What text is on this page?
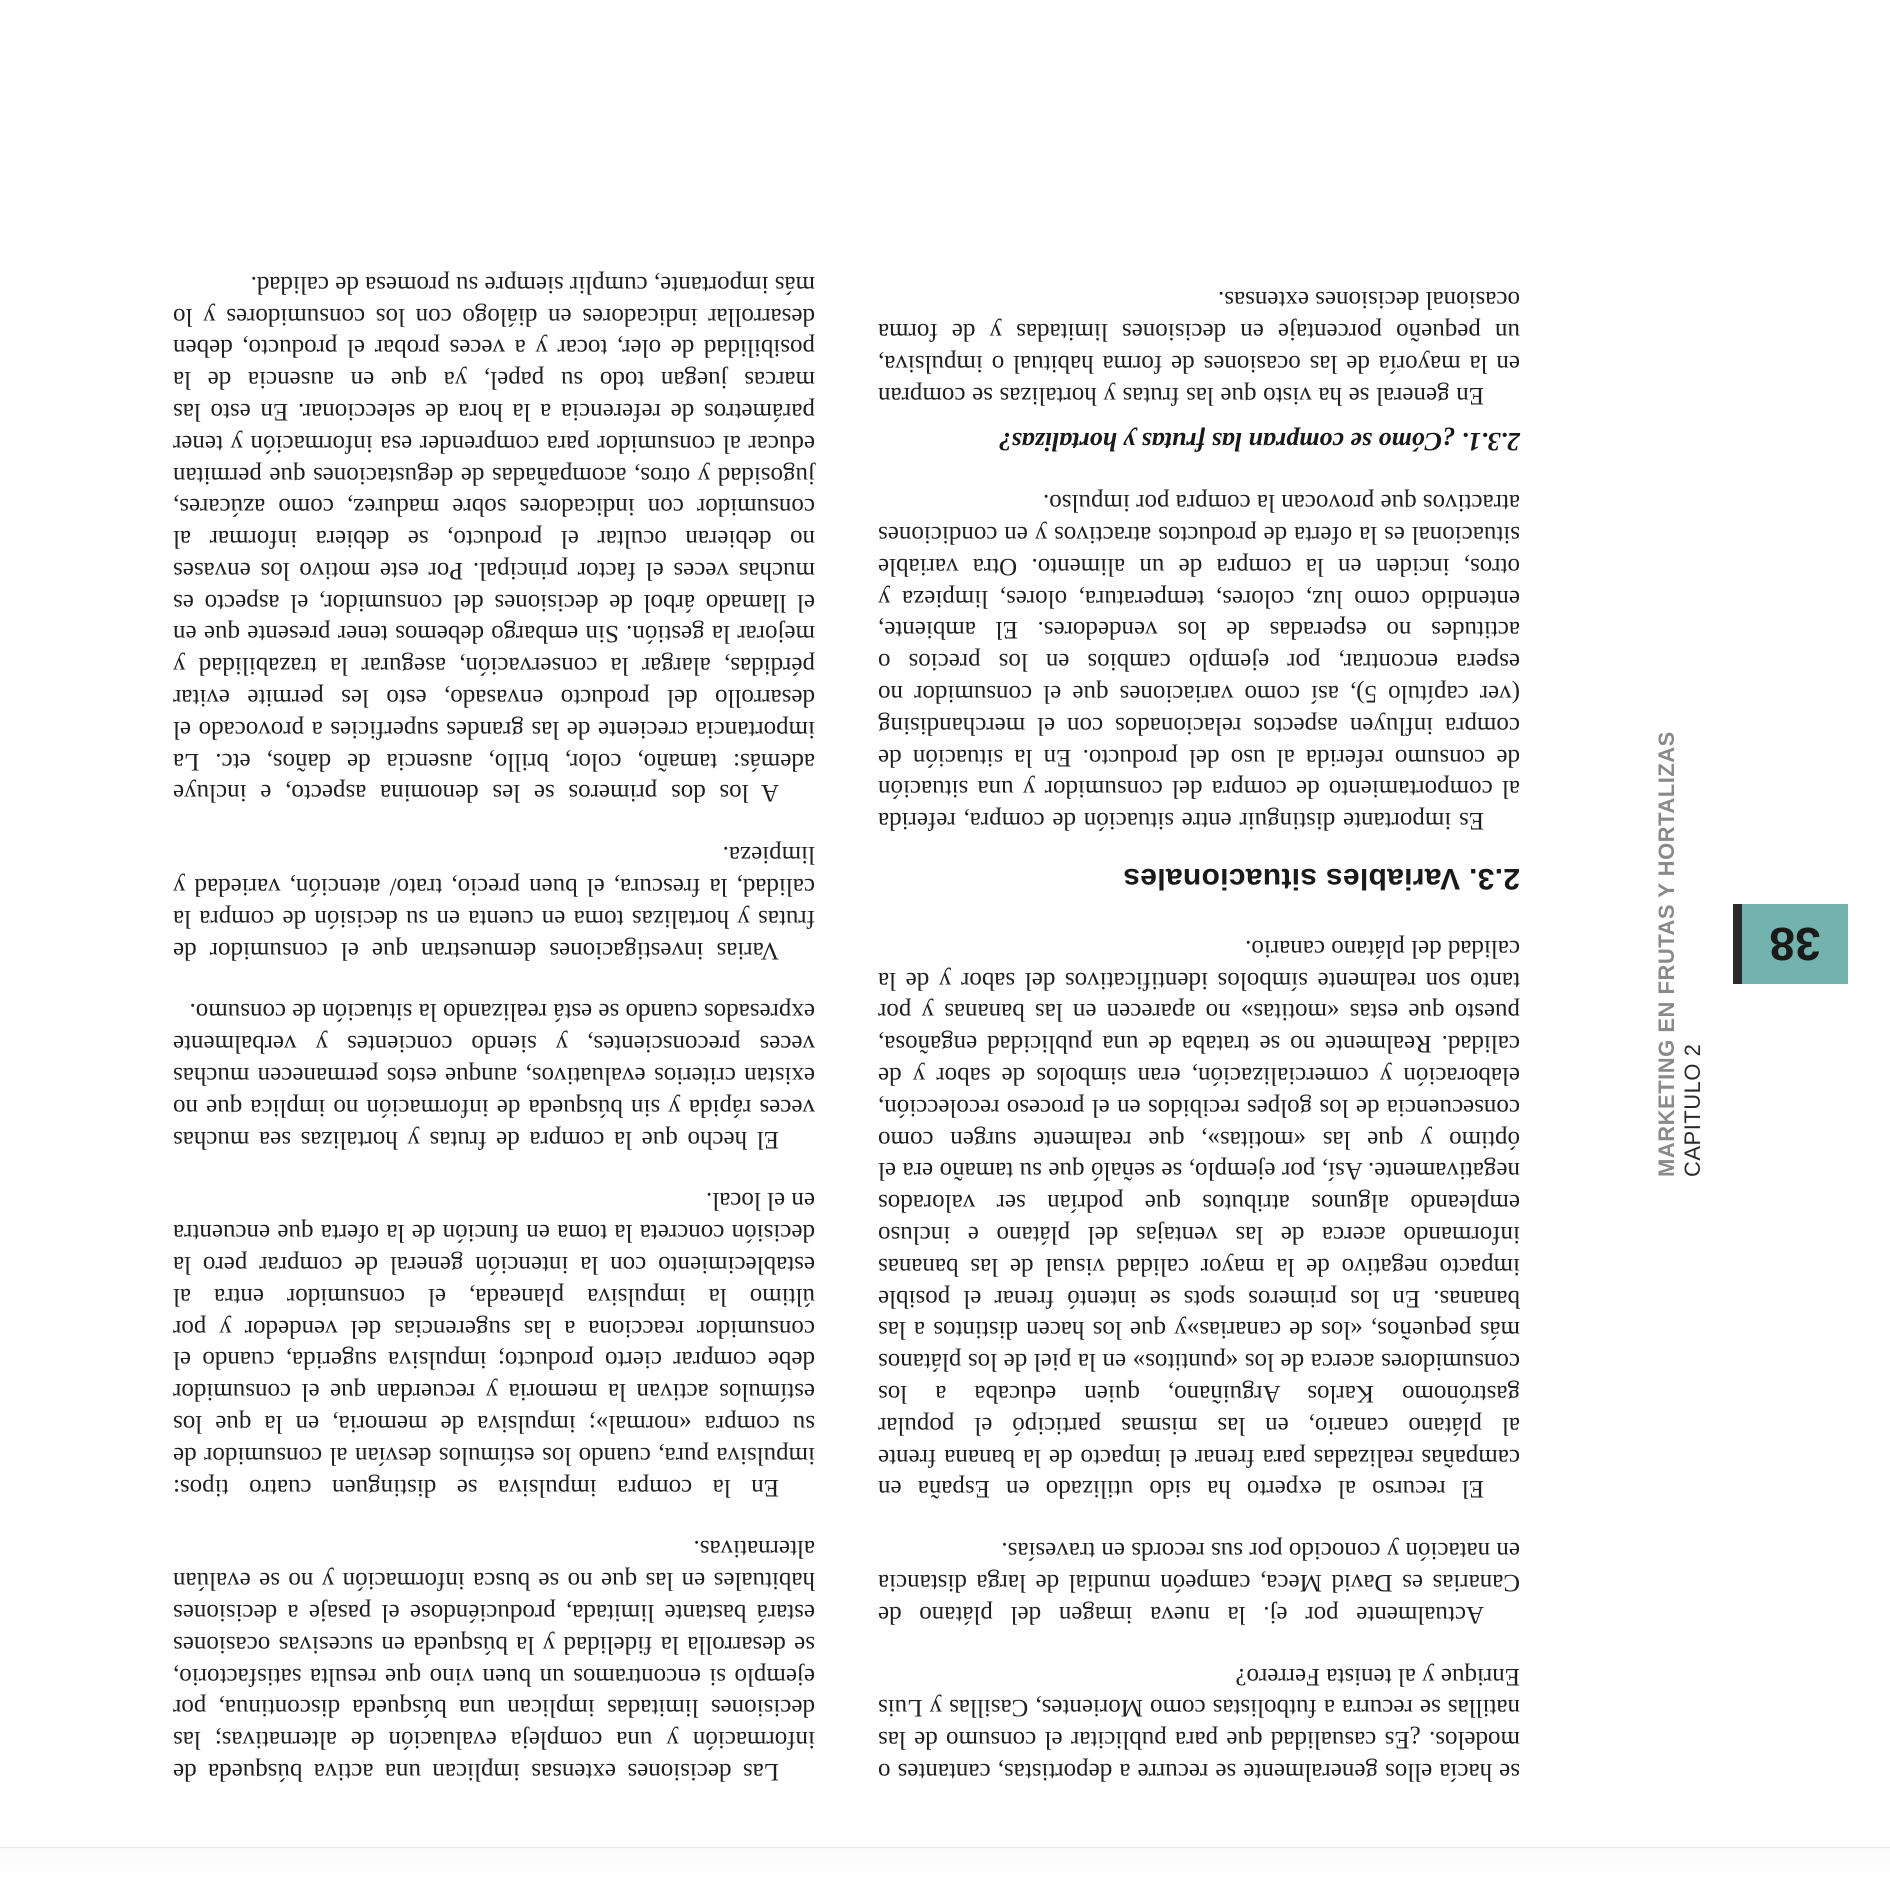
38
MARKETING EN FRUTAS Y HORTALIZAS CAPITULO 2

se hacía ellos generalmente se recurre a deportistas, cantantes o modelos. ¿Es casualidad que para publicitar el consumo de las natillas se recurra a futbolistas como Morientes, Casillas y Luis Enrique y al tenista Ferrero?

Actualmente por ej. la nueva imagen del plátano de Canarias es David Meca, campeón mundial de larga distancia en natación y conocido por sus records en travesías.

El recurso al experto ha sido utilizado en España en campañas realizadas para frenar el impacto de la banana frente al plátano canario, en las mismas participó el popular gastrónomo Karlos Arguiñano, quien educaba a los consumidores acerca de los «puntitos» en la piel de los plátanos más pequeños, «los de canarias»y que los hacen distintos a las bananas. En los primeros spots se intentó frenar el posible impacto negativo de la mayor calidad visual de las bananas informando acerca de las ventajas del plátano e incluso empleando algunos atributos que podrían ser valorados negativamente. Así, por ejemplo, se señaló que su tamaño era el óptimo y que las «motitas», que realmente surgen como consecuencia de los golpes recibidos en el proceso recolección, elaboración y comercialización, eran simbolos de sabor y de calidad. Realmente no se trataba de una publicidad engañosa, puesto que estas «motitas» no aparecen en las bananas y por tanto son realmente símbolos identificativos del sabor y de la calidad del plátano canario.

2.3. Variables situacionales

Es importante distinguir entre situación de compra, referida al comportamiento de compra del consumidor y una situación de consumo referida al uso del producto. En la situación de compra influyen aspectos relacionados con el merchandising (ver capítulo 5), así como variaciones que el consumidor no espera encontrar, por ejemplo cambios en los precios o actitudes no esperadas de los vendedores. El ambiente, entendido como luz, colores, temperatura, olores, limpieza y otros, inciden en la compra de un alimento. Otra variable situacional es la oferta de productos atractivos y en condiciones atractivos que provocan la compra por impulso.

2.3.1. ¿Cómo se compran las frutas y hortalizas?

En general se ha visto que las frutas y hortalizas se compran en la mayoría de las ocasiones de forma habitual o impulsiva, un pequeño porcentaje en decisiones limitadas y de forma ocasional decisiones extensas.

Las decisiones extensas implican una activa búsqueda de información y una compleja evaluación de alternativas; las decisiones limitadas implican una búsqueda discontinua, por ejemplo si encontramos un buen vino que resulta satisfactorio, se desarrolla la fidelidad y la búsqueda en sucesivas ocasiones estará bastante limitada, produciéndose el pasaje a decisiones habituales en las que no se busca información y no se evalúan alternativas.

En la compra impulsiva se distinguen cuatro tipos: impulsiva pura, cuando los estímulos desvían al consumidor de su compra «normal»; impulsiva de memoria, en la que los estímulos activan la memoria y recuerdan que el consumidor debe comprar cierto producto; impulsiva sugerida, cuando el consumidor reacciona a las sugerencias del vendedor y por último la impulsiva planeada, el consumidor entra al establecimiento con la intención general de comprar pero la decisión concreta la toma en función de la oferta que encuentra en el local.

El hecho que la compra de frutas y hortalizas sea muchas veces rápida y sin búsqueda de información no implica que no existan criterios evaluativos, aunque estos permanecen muchas veces preconscientes, y siendo concientes y verbalmente expresados cuando se está realizando la situación de consumo.

Varias investigaciones demuestran que el consumidor de frutas y hortalizas toma en cuenta en su decisión de compra la calidad, la frescura, el buen precio, trato/ atención, variedad y limpieza.

A los dos primeros se les denomina aspecto, e incluye además: tamaño, color, brillo, ausencia de daños, etc. La importancia creciente de las grandes superficies a provocado el desarrollo del producto envasado, esto les permite evitar pérdidas, alargar la conservación, asegurar la trazabilidad y mejorar la gestión. Sin embargo debemos tener presente que en el llamado árbol de decisiones del consumidor, el aspecto es muchas veces el factor principal. Por este motivo los envases no debieran ocultar el producto, se debiera informar al consumidor con indicadores sobre madurez, como azúcares, jugosidad y otros, acompañadas de degustaciones que permitan educar al consumidor para comprender esa información y tener parámetros de referencia a la hora de seleccionar. En esto las marcas juegan todo su papel, ya que en ausencia de la posibilidad de oler, tocar y a veces probar el producto, deben desarrollar indicadores en diálogo con los consumidores y lo más importante, cumplir siempre su promesa de calidad.
